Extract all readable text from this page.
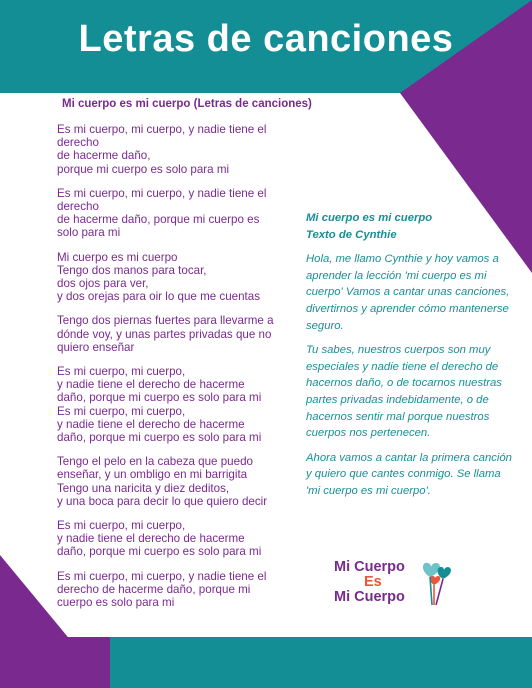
Letras de canciones
Mi cuerpo es mi cuerpo (Letras de canciones)

Es mi cuerpo, mi cuerpo, y nadie tiene el derecho
de hacerme daño,
porque mi cuerpo es solo para mi

Es mi cuerpo, mi cuerpo, y nadie tiene el derecho
de hacerme daño, porque mi cuerpo es
solo para mi

Mi cuerpo es mi cuerpo
Tengo dos manos para tocar,
dos ojos para ver,
y dos orejas para oir lo que me cuentas

Tengo dos piernas fuertes para llevarme a
dónde voy, y unas partes privadas que no
quiero enseñar

Es mi cuerpo, mi cuerpo,
y nadie tiene el derecho de hacerme
daño, porque mi cuerpo es solo para mi
Es mi cuerpo, mi cuerpo,
y nadie tiene el derecho de hacerme
daño, porque mi cuerpo es solo para mi

Tengo el pelo en la cabeza que puedo
enseñar, y un ombligo en mi barrigita
Tengo una naricita y diez deditos,
y una boca para decir lo que quiero decir

Es mi cuerpo, mi cuerpo,
y nadie tiene el derecho de hacerme
daño, porque mi cuerpo es solo para mi

Es mi cuerpo, mi cuerpo, y nadie tiene el
derecho de hacerme daño, porque mi
cuerpo es solo para mi

Mi cuerpo es mi cuerpo
Texto de Cynthie

Hola, me llamo Cynthie y hoy vamos a aprender la lección 'mi cuerpo es mi cuerpo' Vamos a cantar unas canciones, divertirnos y aprender cómo mantenerse seguro.

Tu sabes, nuestros cuerpos son muy especiales y nadie tiene el derecho de hacernos daño, o de tocarnos nuestras partes privadas indebidamente, o de hacernos sentir mal porque nuestros cuerpos nos pertenecen.

Ahora vamos a cantar la primera canción y quiero que cantes conmigo. Se llama 'mi cuerpo es mi cuerpo'.

Mi Cuerpo
Es
Mi Cuerpo
